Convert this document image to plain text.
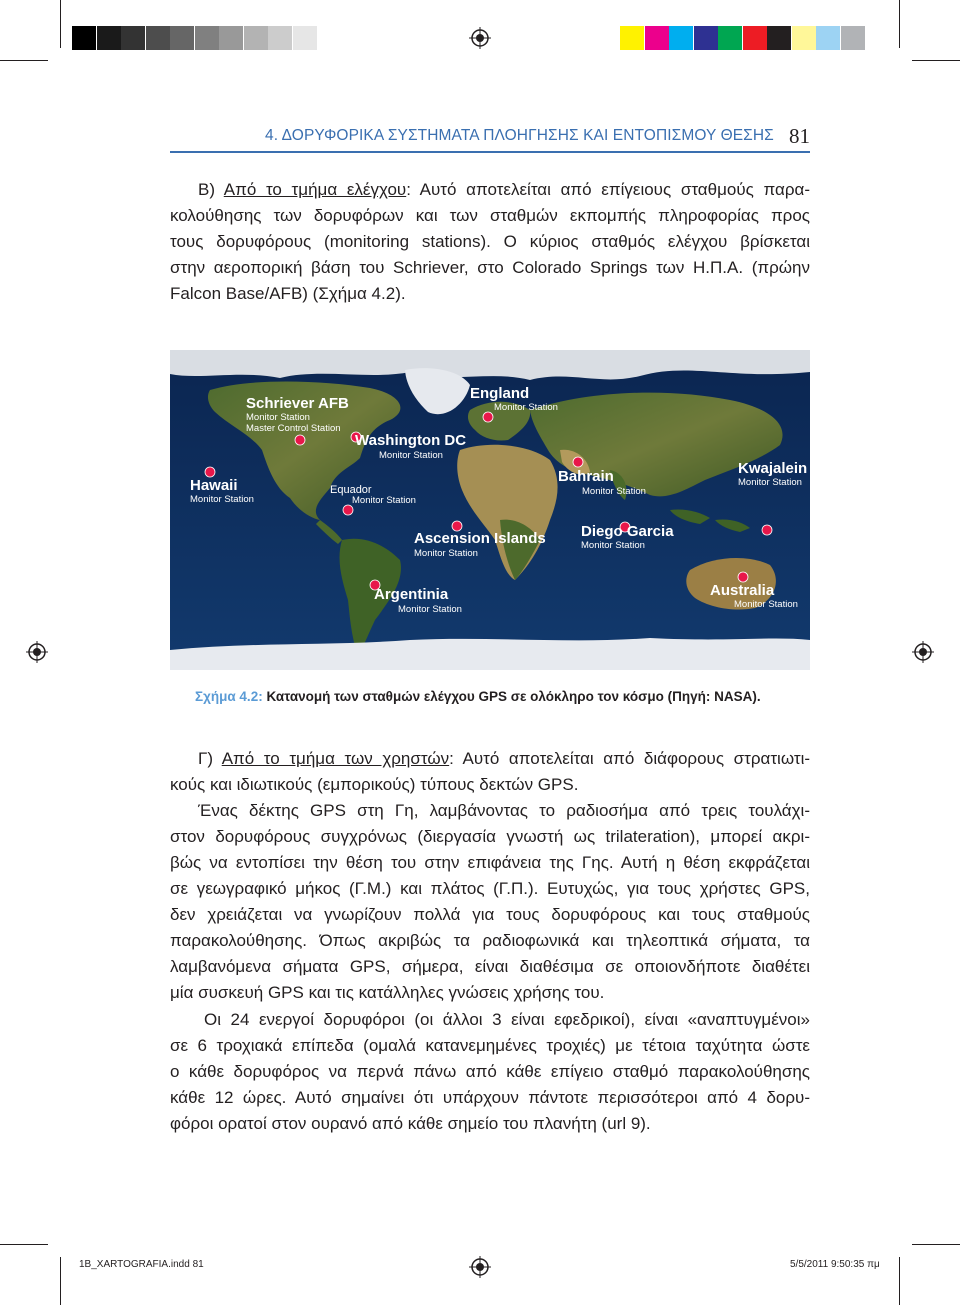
4. ΔΟΡΥΦΟΡΙΚΑ ΣΥΣΤΗΜΑΤΑ ΠΛΟΗΓΗΣΗΣ ΚΑΙ ΕΝΤΟΠΙΣΜΟΥ ΘΕΣΗΣ 81
Β) Από το τμήμα ελέγχου: Αυτό αποτελείται από επίγειους σταθμούς παρα-
κολούθησης των δορυφόρων και των σταθμών εκπομπής πληροφορίας προς
τους δορυφόρους (monitoring stations). Ο κύριος σταθμός ελέγχου βρίσκεται
στην αεροπορική βάση του Schriever, στο Colorado Springs των Η.Π.Α. (πρώην
Falcon Base/AFB) (Σχήμα 4.2).
Schriever AFB
Monitor Station
Master Control Station
England
Monitor Station
Washington DC
Monitor Station
Hawaii
Monitor Station
Equador
Monitor Station
Bahrain
Monitor Station
Kwajalein
Monitor Station
Ascension Islands
Monitor Station
Diego Garcia
Monitor Station
Argentinia
Monitor Station
Australia
Monitor Station
Σχήμα 4.2: Κατανομή των σταθμών ελέγχου GPS σε ολόκληρο τον κόσμο (Πηγή: NASA).
Γ) Από το τμήμα των χρηστών: Αυτό αποτελείται από διάφορους στρατιωτι-
κούς και ιδιωτικούς (εμπορικούς) τύπους δεκτών GPS.
Ένας δέκτης GPS στη Γη, λαμβάνοντας το ραδιοσήμα από τρεις τουλάχι-
στον δορυφόρους συγχρόνως (διεργασία γνωστή ως trilateration), μπορεί ακρι-
βώς να εντοπίσει την θέση του στην επιφάνεια της Γης. Αυτή η θέση εκφράζεται
σε γεωγραφικό μήκος (Γ.Μ.) και πλάτος (Γ.Π.). Ευτυχώς, για τους χρήστες GPS,
δεν χρειάζεται να γνωρίζουν πολλά για τους δορυφόρους και τους σταθμούς
παρακολούθησης. Όπως ακριβώς τα ραδιοφωνικά και τηλεοπτικά σήματα, τα
λαμβανόμενα σήματα GPS, σήμερα, είναι διαθέσιμα σε οποιονδήποτε διαθέτει
μία συσκευή GPS και τις κατάλληλες γνώσεις χρήσης του.
Οι 24 ενεργοί δορυφόροι (οι άλλοι 3 είναι εφεδρικοί), είναι «αναπτυγμένοι»
σε 6 τροχιακά επίπεδα (ομαλά κατανεμημένες τροχιές) με τέτοια ταχύτητα ώστε
ο κάθε δορυφόρος να περνά πάνω από κάθε επίγειο σταθμό παρακολούθησης
κάθε 12 ώρες. Αυτό σημαίνει ότι υπάρχουν πάντοτε περισσότεροι από 4 δορυ-
φόροι ορατοί στον ουρανό από κάθε σημείο του πλανήτη (url 9).
1B_XARTOGRAFIA.indd 81	5/5/2011 9:50:35 πμ
